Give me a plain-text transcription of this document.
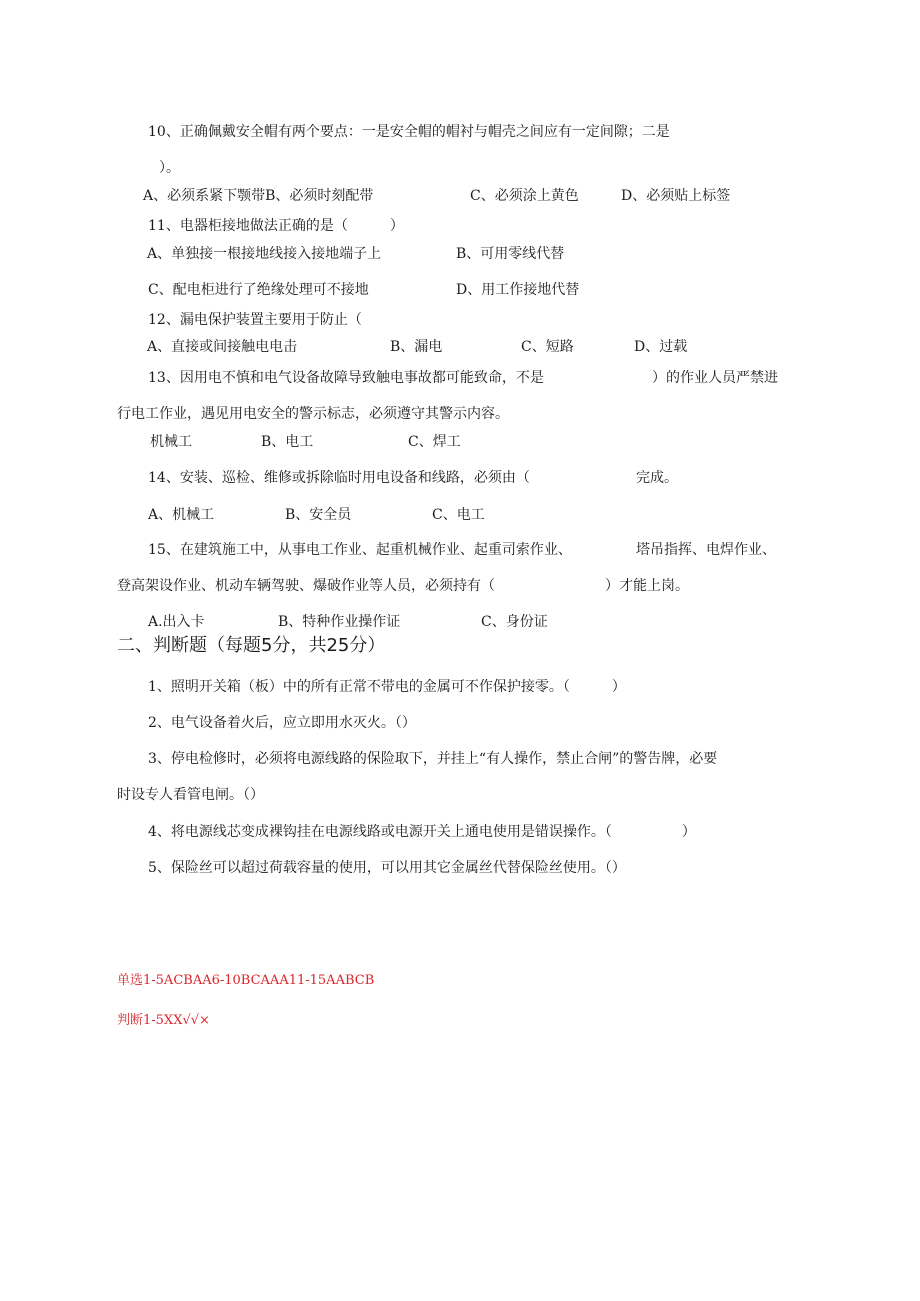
10、正确佩戴安全帽有两个要点：一是安全帽的帽衬与帽壳之间应有一定间隙；二是
）。
A、必须系紧下颚带B、必须时刻配带	C、必须涂上黄色	D、必须贴上标签
11、电器柜接地做法正确的是（　　　）
A、单独接一根接地线接入接地端子上	B、可用零线代替
C、配电柜进行了绝缘处理可不接地	D、用工作接地代替
12、漏电保护装置主要用于防止（
A、直接或间接触电电击	B、漏电	C、短路	D、过载
13、因用电不慎和电气设备故障导致触电事故都可能致命，不是	）的作业人员严禁进
行电工作业，遇见用电安全的警示标志，必须遵守其警示内容。
机械工	B、电工	C、焊工
14、安装、巡检、维修或拆除临时用电设备和线路，必须由（	完成。
A、机械工	B、安全员	C、电工
15、在建筑施工中，从事电工作业、起重机械作业、起重司索作业、	塔吊指挥、电焊作业、
登高架设作业、机动车辆驾驶、爆破作业等人员，必须持有（	）才能上岗。
A.出入卡	B、特种作业操作证	C、身份证
二、判断题（每题5分，共25分）
1、照明开关箱（板）中的所有正常不带电的金属可不作保护接零。（　　　）
2、电气设备着火后，应立即用水灭火。（）
3、停电检修时，必须将电源线路的保险取下，并挂上“有人操作，禁止合闸”的警告牌，必要
时设专人看管电闸。（）
4、将电源线芯变成裸钩挂在电源线路或电源开关上通电使用是错误操作。（　　　　　）
5、保险丝可以超过荷载容量的使用，可以用其它金属丝代替保险丝使用。（）
单选1-5ACBAA6-10BCAAA11-15AABCB
判断1-5XX√√×
